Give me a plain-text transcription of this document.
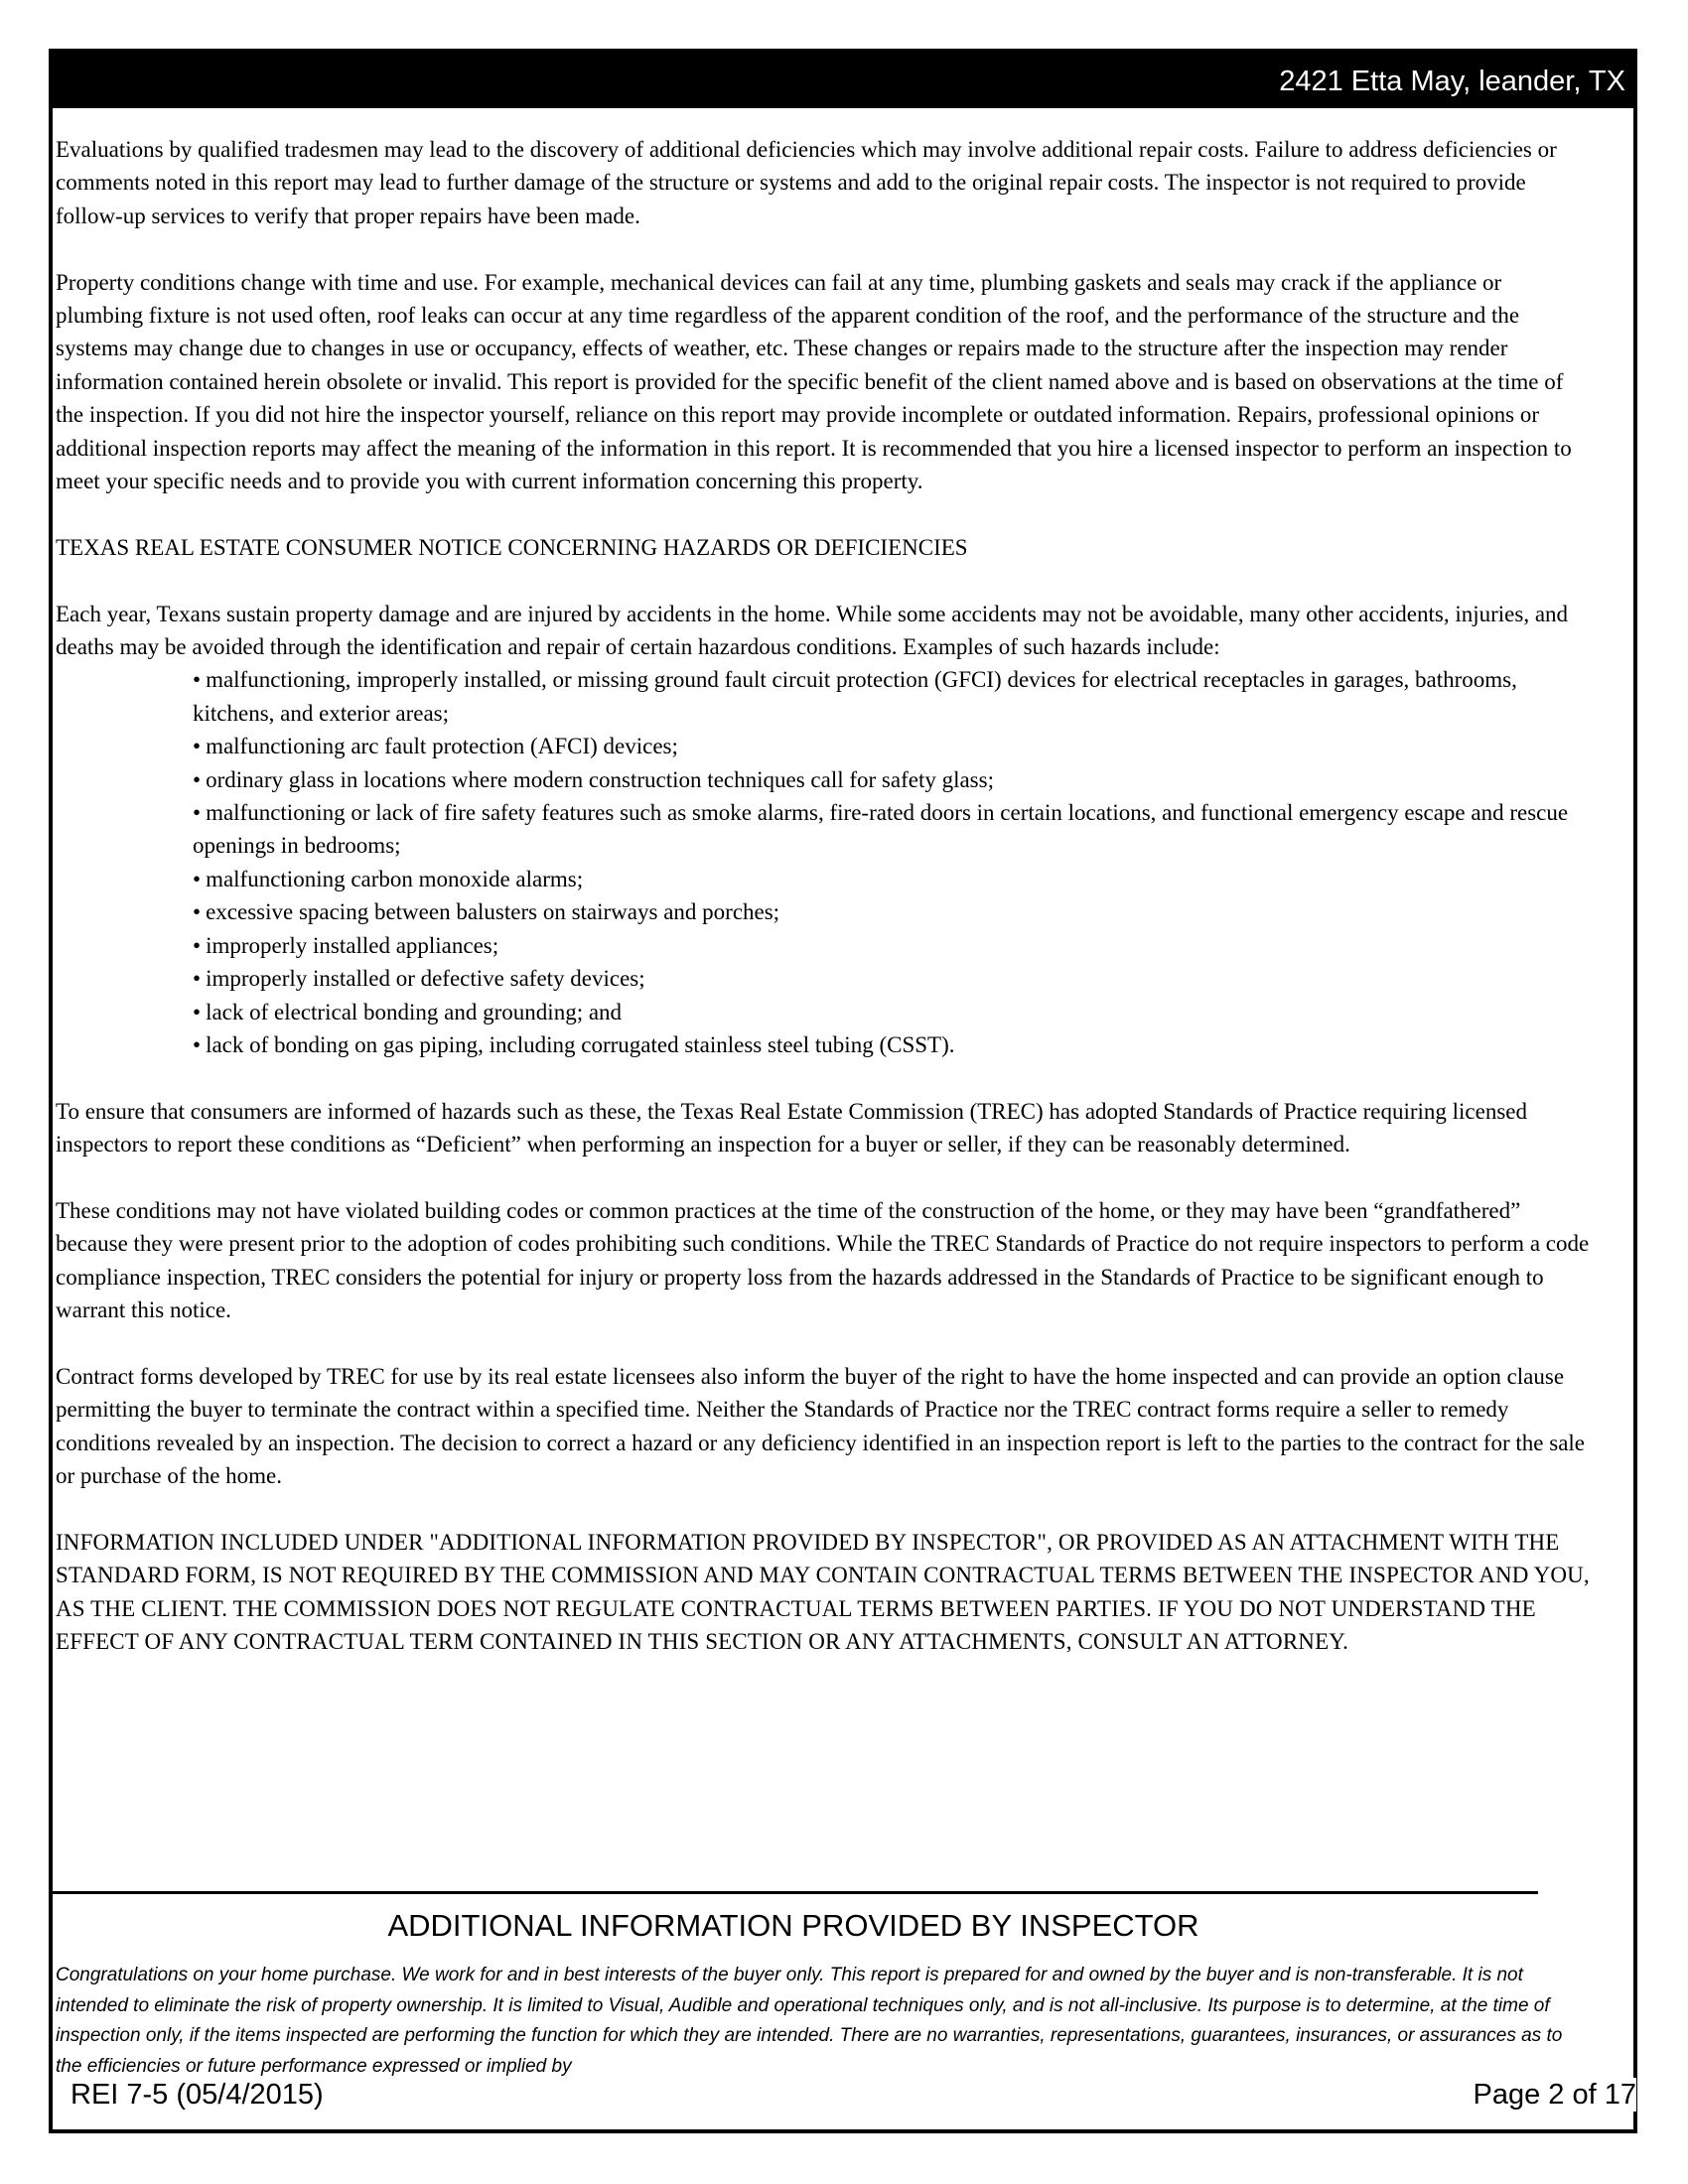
2421 Etta May, leander, TX

Evaluations by qualified tradesmen may lead to the discovery of additional deficiencies which may involve additional repair costs. Failure to address deficiencies or comments noted in this report may lead to further damage of the structure or systems and add to the original repair costs. The inspector is not required to provide follow-up services to verify that proper repairs have been made.

Property conditions change with time and use. For example, mechanical devices can fail at any time, plumbing gaskets and seals may crack if the appliance or plumbing fixture is not used often, roof leaks can occur at any time regardless of the apparent condition of the roof, and the performance of the structure and the systems may change due to changes in use or occupancy, effects of weather, etc. These changes or repairs made to the structure after the inspection may render information contained herein obsolete or invalid. This report is provided for the specific benefit of the client named above and is based on observations at the time of the inspection. If you did not hire the inspector yourself, reliance on this report may provide incomplete or outdated information. Repairs, professional opinions or additional inspection reports may affect the meaning of the information in this report. It is recommended that you hire a licensed inspector to perform an inspection to meet your specific needs and to provide you with current information concerning this property.

TEXAS REAL ESTATE CONSUMER NOTICE CONCERNING HAZARDS OR DEFICIENCIES

Each year, Texans sustain property damage and are injured by accidents in the home. While some accidents may not be avoidable, many other accidents, injuries, and deaths may be avoided through the identification and repair of certain hazardous conditions. Examples of such hazards include:

• malfunctioning, improperly installed, or missing ground fault circuit protection (GFCI) devices for electrical receptacles in garages, bathrooms, kitchens, and exterior areas;
• malfunctioning arc fault protection (AFCI) devices;
• ordinary glass in locations where modern construction techniques call for safety glass;
• malfunctioning or lack of fire safety features such as smoke alarms, fire-rated doors in certain locations, and functional emergency escape and rescue openings in bedrooms;
• malfunctioning carbon monoxide alarms;
• excessive spacing between balusters on stairways and porches;
• improperly installed appliances;
• improperly installed or defective safety devices;
• lack of electrical bonding and grounding; and
• lack of bonding on gas piping, including corrugated stainless steel tubing (CSST).

To ensure that consumers are informed of hazards such as these, the Texas Real Estate Commission (TREC) has adopted Standards of Practice requiring licensed inspectors to report these conditions as “Deficient” when performing an inspection for a buyer or seller, if they can be reasonably determined.

These conditions may not have violated building codes or common practices at the time of the construction of the home, or they may have been “grandfathered” because they were present prior to the adoption of codes prohibiting such conditions. While the TREC Standards of Practice do not require inspectors to perform a code compliance inspection, TREC considers the potential for injury or property loss from the hazards addressed in the Standards of Practice to be significant enough to warrant this notice.

Contract forms developed by TREC for use by its real estate licensees also inform the buyer of the right to have the home inspected and can provide an option clause permitting the buyer to terminate the contract within a specified time. Neither the Standards of Practice nor the TREC contract forms require a seller to remedy conditions revealed by an inspection. The decision to correct a hazard or any deficiency identified in an inspection report is left to the parties to the contract for the sale or purchase of the home.

INFORMATION INCLUDED UNDER "ADDITIONAL INFORMATION PROVIDED BY INSPECTOR", OR PROVIDED AS AN ATTACHMENT WITH THE STANDARD FORM, IS NOT REQUIRED BY THE COMMISSION AND MAY CONTAIN CONTRACTUAL TERMS BETWEEN THE INSPECTOR AND YOU, AS THE CLIENT. THE COMMISSION DOES NOT REGULATE CONTRACTUAL TERMS BETWEEN PARTIES. IF YOU DO NOT UNDERSTAND THE EFFECT OF ANY CONTRACTUAL TERM CONTAINED IN THIS SECTION OR ANY ATTACHMENTS, CONSULT AN ATTORNEY.

ADDITIONAL INFORMATION PROVIDED BY INSPECTOR
Congratulations on your home purchase. We work for and in best interests of the buyer only. This report is prepared for and owned by the buyer and is non-transferable. It is not intended to eliminate the risk of property ownership. It is limited to Visual, Audible and operational techniques only, and is not all-inclusive. Its purpose is to determine, at the time of inspection only, if the items inspected are performing the function for which they are intended. There are no warranties, representations, guarantees, insurances, or assurances as to the efficiencies or future performance expressed or implied by
REI 7-5 (05/4/2015)	Page 2 of 17
